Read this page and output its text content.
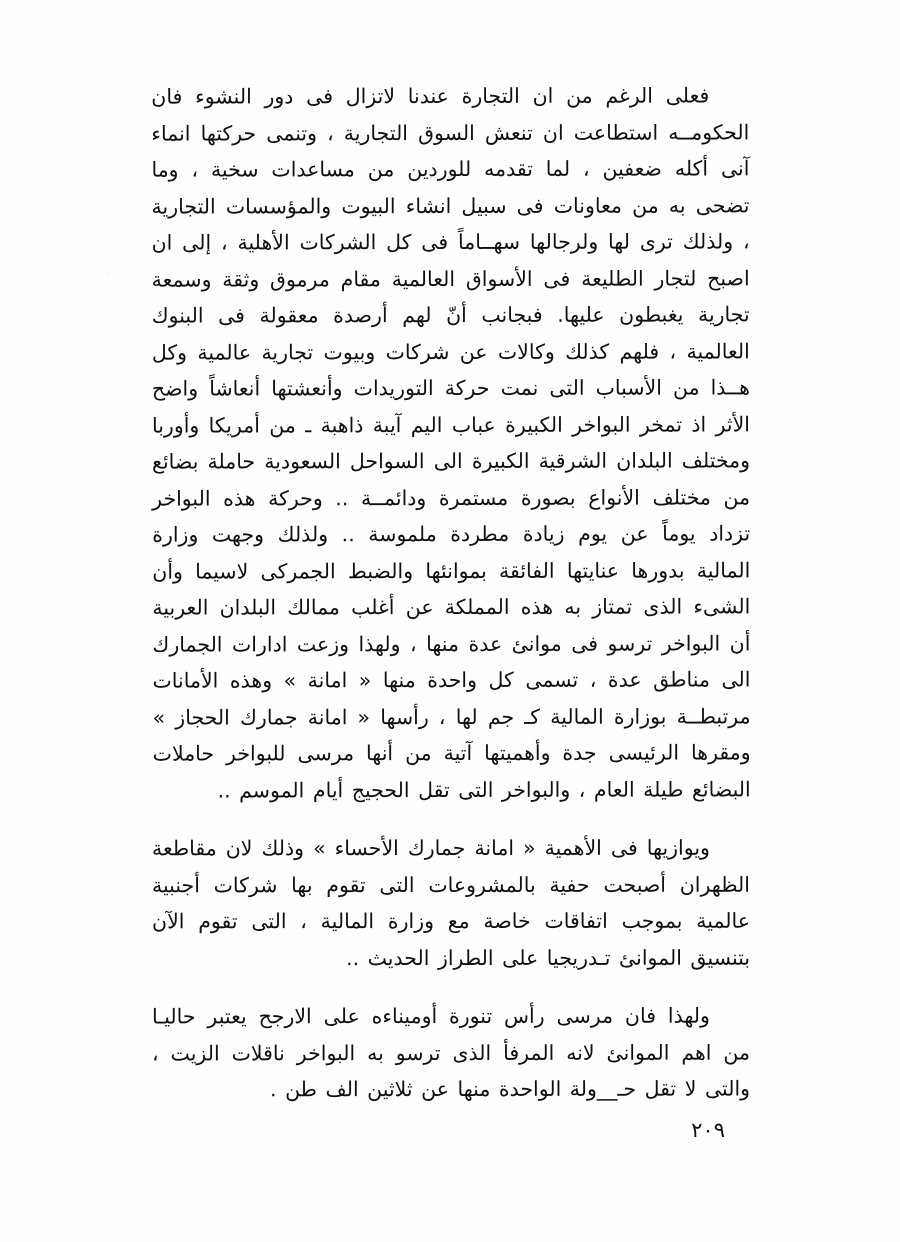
فعلى الرغم من ان التجارة عندنا لاتزال فى دور النشوء فان الحكومــه استطاعت ان تنعش السوق التجارية ، وتنمى حركتها انماء آنى أكله ضعفين ، لما تقدمه للوردين من مساعدات سخية ، وما تضحى به من معاونات فى سبيل انشاء البيوت والمؤسسات التجارية ، ولذلك ترى لها ولرجالها سهــاماً فى كل الشركات الأهلية ، إلى ان اصبح لتجار الطليعة فى الأسواق العالمية مقام مرموق وثقة وسمعة تجارية يغبطون عليها. فبجانب أنّ لهم أرصدة معقولة فى البنوك العالمية ، فلهم كذلك وكالات عن شركات وبيوت تجارية عالمية وكل هــذا من الأسباب التى نمت حركة التوريدات وأنعشتها أنعاشاً واضح الأثر اذ تمخر البواخر الكبيرة عباب اليم آيبة ذاهبة ـ من أمريكا وأوربا ومختلف البلدان الشرقية الكبيرة الى السواحل السعودية حاملة بضائع من مختلف الأنواع بصورة مستمرة ودائمــة .. وحركة هذه البواخر تزداد يوماً عن يوم زيادة مطردة ملموسة .. ولذلك وجهت وزارة المالية بدورها عنايتها الفائقة بموانئها والضبط الجمركى لاسيما وأن الشىء الذى تمتاز به هذه المملكة عن أغلب ممالك البلدان العربية أن البواخر ترسو فى موانئ عدة منها ، ولهذا وزعت ادارات الجمارك الى مناطق عدة ، تسمى كل واحدة منها « امانة » وهذه الأمانات مرتبطــة بوزارة المالية كـ جم لها ، رأسها « امانة جمارك الحجاز » ومقرها الرئيسى جدة وأهميتها آتية من أنها مرسى للبواخر حاملات البضائع طيلة العام ، والبواخر التى تقل الحجيج أيام الموسم ..

ويوازيها فى الأهمية « امانة جمارك الأحساء » وذلك لان مقاطعة الظهران أصبحت حفية بالمشروعات التى تقوم بها شركات أجنبية عالمية بموجب اتفاقات خاصة مع وزارة المالية ، التى تقوم الآن بتنسيق الموانئ تـدريجيا على الطراز الحديث ..

ولهذا فان مرسى رأس تنورة أوميناءه على الارجح يعتبر حاليـا من اهم الموانئ لانه المرفأ الذى ترسو به البواخر ناقلات الزيت ، والتى لا تقل حـ__ولة الواحدة منها عن ثلاثين الف طن .

٢٠٩
